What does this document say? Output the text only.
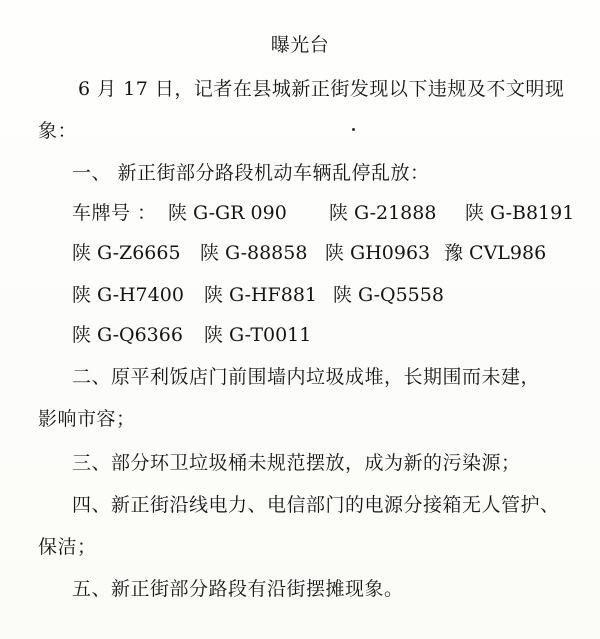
曝光台
6 月 17 日，记者在县城新正街发现以下违规及不文明现
象：
一、 新正街部分路段机动车辆乱停乱放：
车牌号 ： 陕 G-GR 090 陕 G-21888 陕 G-B8191
陕 G-Z6665 陕 G-88858 陕 GH0963 豫 CVL986
陕 G-H7400 陕 G-HF881 陕 G-Q5558
陕 G-Q6366 陕 G-T0011
二、原平利饭店门前围墙内垃圾成堆，长期围而未建，
影响市容；
三、部分环卫垃圾桶未规范摆放，成为新的污染源；
四、新正街沿线电力、电信部门的电源分接箱无人管护、
保洁；
五、新正街部分路段有沿街摆摊现象。
